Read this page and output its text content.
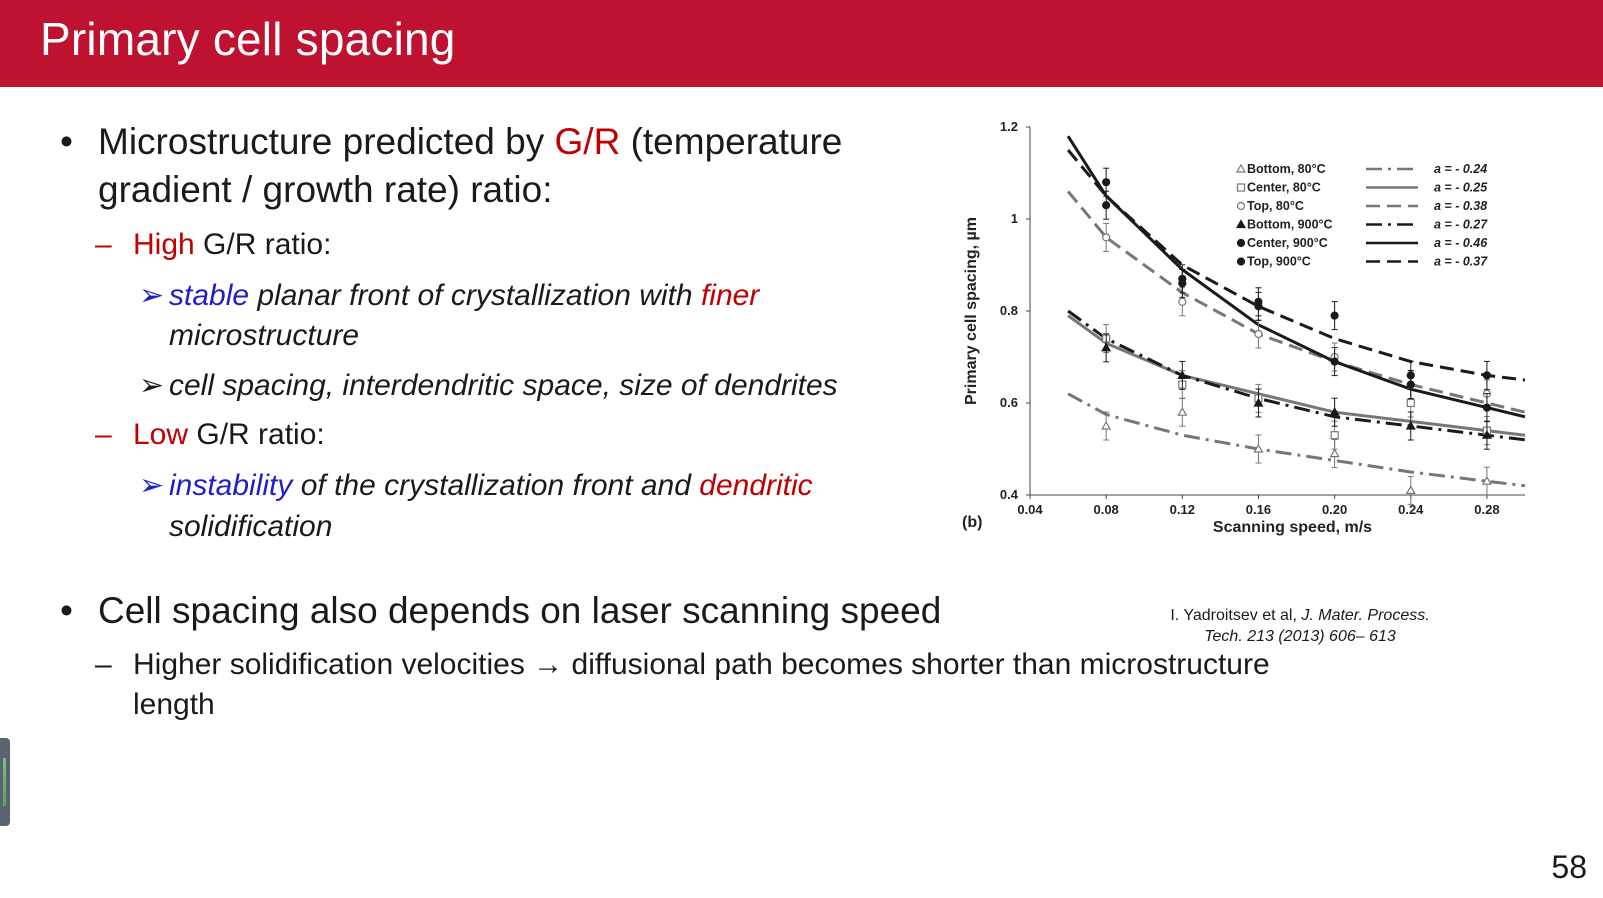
Primary cell spacing
• Microstructure predicted by G/R (temperature
gradient / growth rate) ratio:
– High G/R ratio:
➢ stable planar front of crystallization with finer
microstructure
➢ cell spacing, interdendritic space, size of dendrites
– Low G/R ratio:
➢ instability of the crystallization front and dendritic
solidification
• Cell spacing also depends on laser scanning speed
– Higher solidification velocities → diffusional path becomes shorter than microstructure
length
I. Yadroitsev et al, J. Mater. Process.
Tech. 213 (2013) 606– 613
0.4
0.6
0.8
1
1.2
0.04	0.08	0.12	0.16	0.20	0.24	0.28
Scanning speed, m/s
Primary cell spacing, µm
(b)
Bottom, 80°C	a = - 0.24
Center, 80°C	a = - 0.25
Top, 80°C	a = - 0.38
Bottom, 900°C	a = - 0.27
Center, 900°C	a = - 0.46
Top, 900°C	a = - 0.37
58
